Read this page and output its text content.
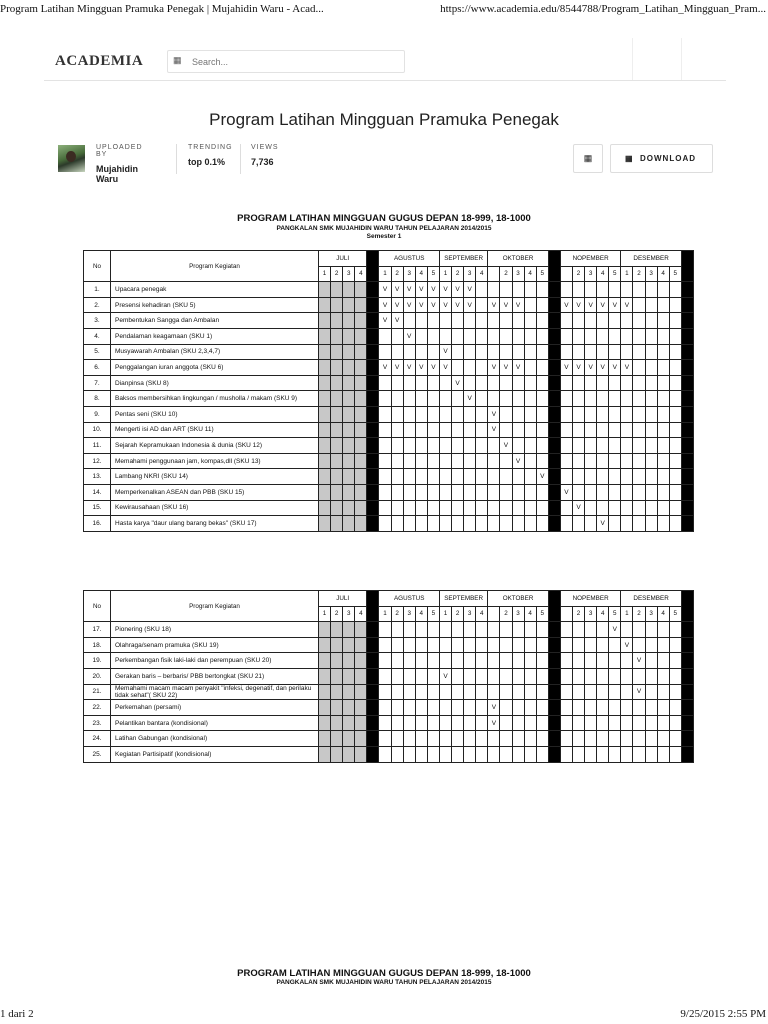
Program Latihan Mingguan Pramuka Penegak | Mujahidin Waru - Acad...	https://www.academia.edu/8544788/Program_Latihan_Mingguan_Pram...
ACADEMIA	▦
Search...
Program Latihan Mingguan Pramuka Penegak
UPLOADED BY
Mujahidin Waru
TRENDING
top 0.1%
VIEWS
7,736	▦	▦ DOWNLOAD
PROGRAM LATIHAN MINGGUAN GUGUS DEPAN 18-999, 18-1000
PANGKALAN SMK MUJAHIDIN WARU TAHUN PELAJARAN 2014/2015
Semester 1
No	Program Kegiatan	JULI					AGUSTUS					SEPTEMBER				OKTOBER						NOPEMBER					DESEMBER					
		1	2	3	4		1	2	3	4	5	1	2	3	4		2	3	4	5			2	3	4	5	1	2	3	4	5	
1.	Upacara penegak						V	V	V	V	V	V	V	V																		
2.	Presensi kehadiran (SKU 5)						V	V	V	V	V	V	V	V		V	V	V				V	V	V	V	V	V					
3.	Pembentukan Sangga dan Ambalan						V	V																								
4.	Pendalaman keagamaan (SKU 1)								V																							
5.	Musyawarah Ambalan (SKU 2,3,4,7)											V																				
6.	Penggalangan iuran anggota (SKU 6)						V	V	V	V	V	V				V	V	V				V	V	V	V	V	V					
7.	Dianpinsa (SKU 8)												V																			
8.	Baksos membersihkan lingkungan / musholla / makam (SKU 9)													V																		
9.	Pentas seni (SKU 10)															V																
10.	Mengerti isi AD dan ART (SKU 11)															V																
11.	Sejarah Kepramukaan Indonesia & dunia (SKU 12)																V															
12.	Memahami penggunaan jam, kompas,dll (SKU 13)																	V														
13.	Lambang NKRI (SKU 14)																			V												
14.	Memperkenalkan ASEAN dan PBB (SKU 15)																					V										
15.	Kewirausahaan (SKU 16)																						V									
16.	Hasta karya "daur ulang barang bekas" (SKU 17)																								V							
No	Program Kegiatan	JULI					AGUSTUS					SEPTEMBER				OKTOBER						NOPEMBER					DESEMBER					
		1	2	3	4		1	2	3	4	5	1	2	3	4		2	3	4	5			2	3	4	5	1	2	3	4	5	
17.	Pionering (SKU 18)																									V						
18.	Olahraga/senam pramuka (SKU 19)																										V					
19.	Perkembangan fisik laki-laki dan perempuan (SKU 20)																											V				
20.	Gerakan baris – berbaris/ PBB bertongkat (SKU 21)											V																				
21.	Memahami macam macam penyakit "infeksi, degenatif, dan perilaku tidak sehat"( SKU 22)																											V				
22.	Perkemahan (persami)															V																
23.	Pelantikan bantara (kondisional)															V																
24.	Latihan Gabungan (kondisional)																															
25.	Kegiatan Partisipatif (kondisional)																															
PROGRAM LATIHAN MINGGUAN GUGUS DEPAN 18-999, 18-1000
PANGKALAN SMK MUJAHIDIN WARU TAHUN PELAJARAN 2014/2015
1 dari 2	9/25/2015 2:55 PM
